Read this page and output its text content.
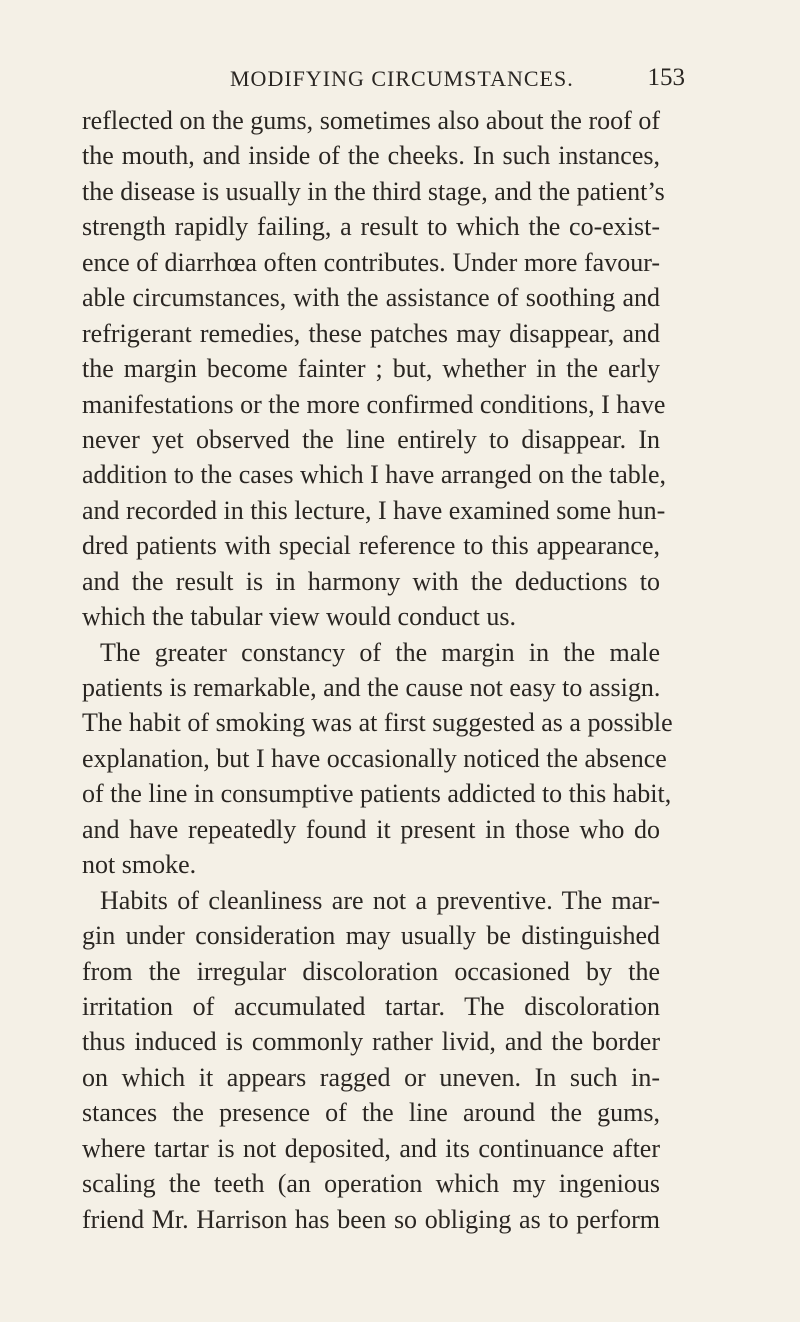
MODIFYING CIRCUMSTANCES.	153
reflected on the gums, sometimes also about the roof of
the mouth, and inside of the cheeks. In such instances,
the disease is usually in the third stage, and the patient’s
strength rapidly failing, a result to which the co-exist-
ence of diarrhœa often contributes. Under more favour-
able circumstances, with the assistance of soothing and
refrigerant remedies, these patches may disappear, and
the margin become fainter ; but, whether in the early
manifestations or the more confirmed conditions, I have
never yet observed the line entirely to disappear. In
addition to the cases which I have arranged on the table,
and recorded in this lecture, I have examined some hun-
dred patients with special reference to this appearance,
and the result is in harmony with the deductions to
which the tabular view would conduct us.
The greater constancy of the margin in the male
patients is remarkable, and the cause not easy to assign.
The habit of smoking was at first suggested as a possible
explanation, but I have occasionally noticed the absence
of the line in consumptive patients addicted to this habit,
and have repeatedly found it present in those who do
not smoke.
Habits of cleanliness are not a preventive. The mar-
gin under consideration may usually be distinguished
from the irregular discoloration occasioned by the
irritation of accumulated tartar. The discoloration
thus induced is commonly rather livid, and the border
on which it appears ragged or uneven. In such in-
stances the presence of the line around the gums,
where tartar is not deposited, and its continuance after
scaling the teeth (an operation which my ingenious
friend Mr. Harrison has been so obliging as to perform
